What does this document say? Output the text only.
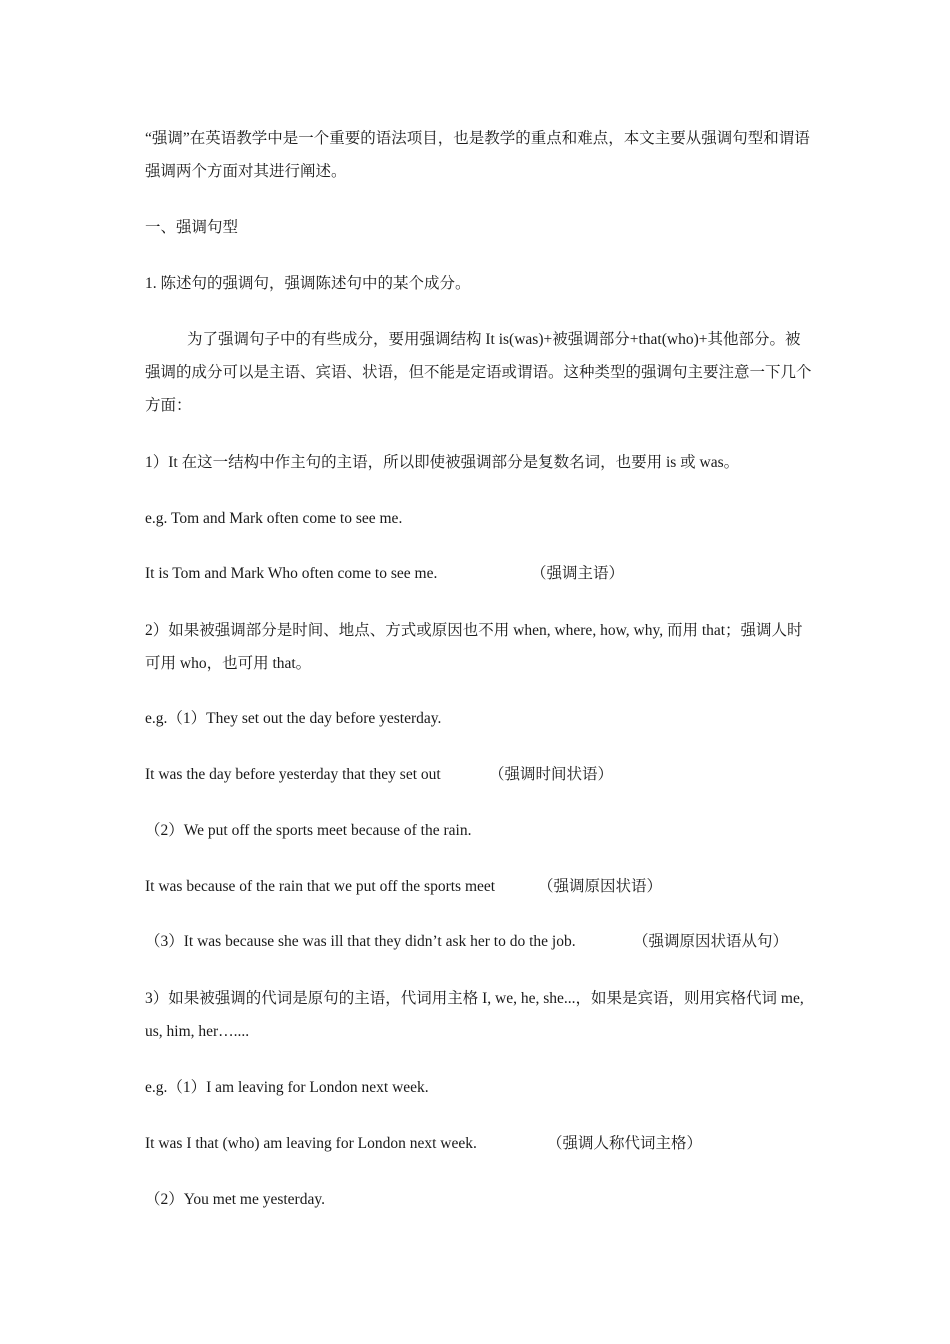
“强调”在英语教学中是一个重要的语法项目，也是教学的重点和难点，本文主要从强调句型和谓语强调两个方面对其进行阐述。

一、强调句型

1. 陈述句的强调句，强调陈述句中的某个成分。

为了强调句子中的有些成分，要用强调结构 It is(was)+被强调部分+that(who)+其他部分。被强调的成分可以是主语、宾语、状语，但不能是定语或谓语。这种类型的强调句主要注意一下几个方面：

1）It 在这一结构中作主句的主语，所以即使被强调部分是复数名词，也要用 is 或 was。

e.g. Tom and Mark often come to see me.

It is Tom and Mark Who often come to see me.	（强调主语）

2）如果被强调部分是时间、地点、方式或原因也不用 when, where, how, why, 而用 that；强调人时可用 who，也可用 that。

e.g.（1）They set out the day before yesterday.

It was the day before yesterday that they set out	（强调时间状语）

（2）We put off the sports meet because of the rain.

It was because of the rain that we put off the sports meet	（强调原因状语）

（3）It was because she was ill that they didn’t ask her to do the job.	（强调原因状语从句）

3）如果被强调的代词是原句的主语，代词用主格 I, we, he, she...，如果是宾语，则用宾格代词 me, us, him, her…....

e.g.（1）I am leaving for London next week.

It was I that (who) am leaving for London next week.	（强调人称代词主格）

（2）You met me yesterday.
